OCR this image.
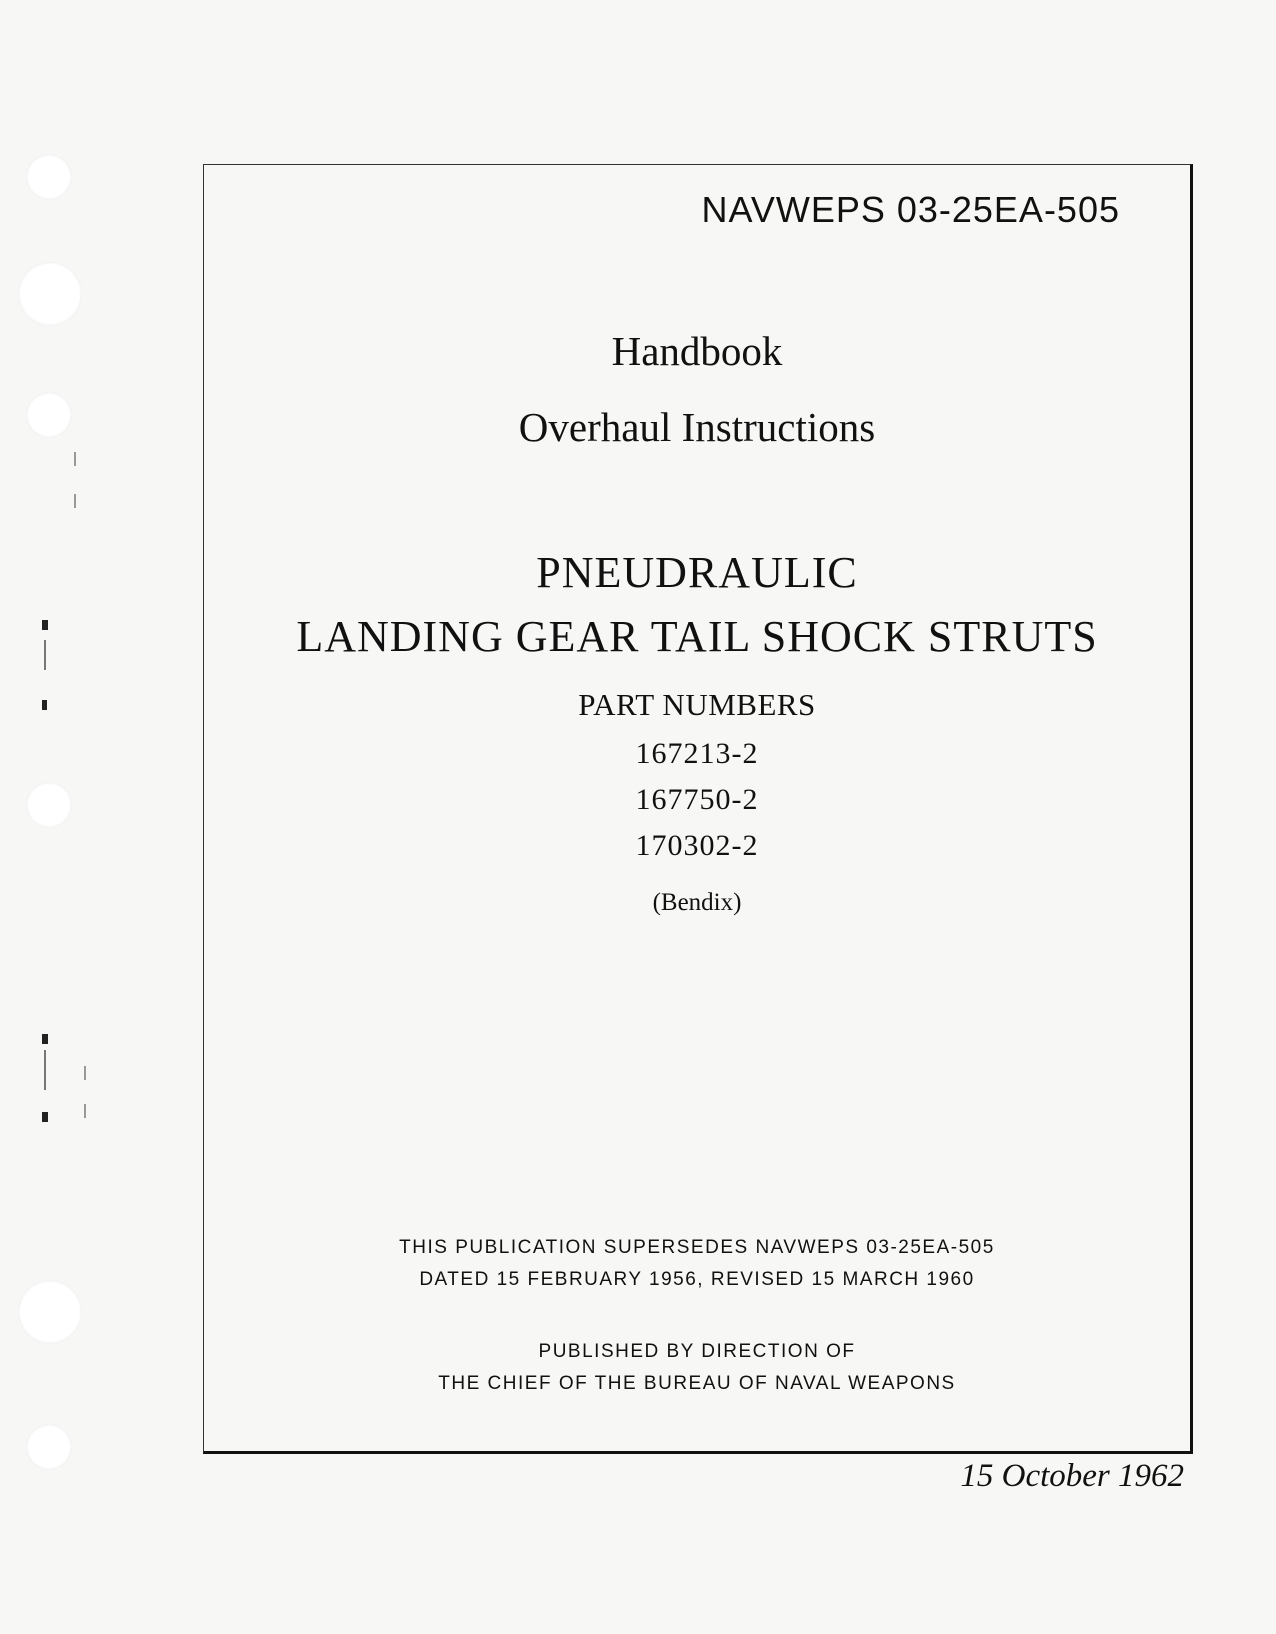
NAVWEPS 03-25EA-505
Handbook
Overhaul Instructions
PNEUDRAULIC
LANDING GEAR TAIL SHOCK STRUTS
PART NUMBERS
167213-2
167750-2
170302-2
(Bendix)
THIS PUBLICATION SUPERSEDES NAVWEPS 03-25EA-505
DATED 15 FEBRUARY 1956, REVISED 15 MARCH 1960
PUBLISHED BY DIRECTION OF
THE CHIEF OF THE BUREAU OF NAVAL WEAPONS
15 October 1962
